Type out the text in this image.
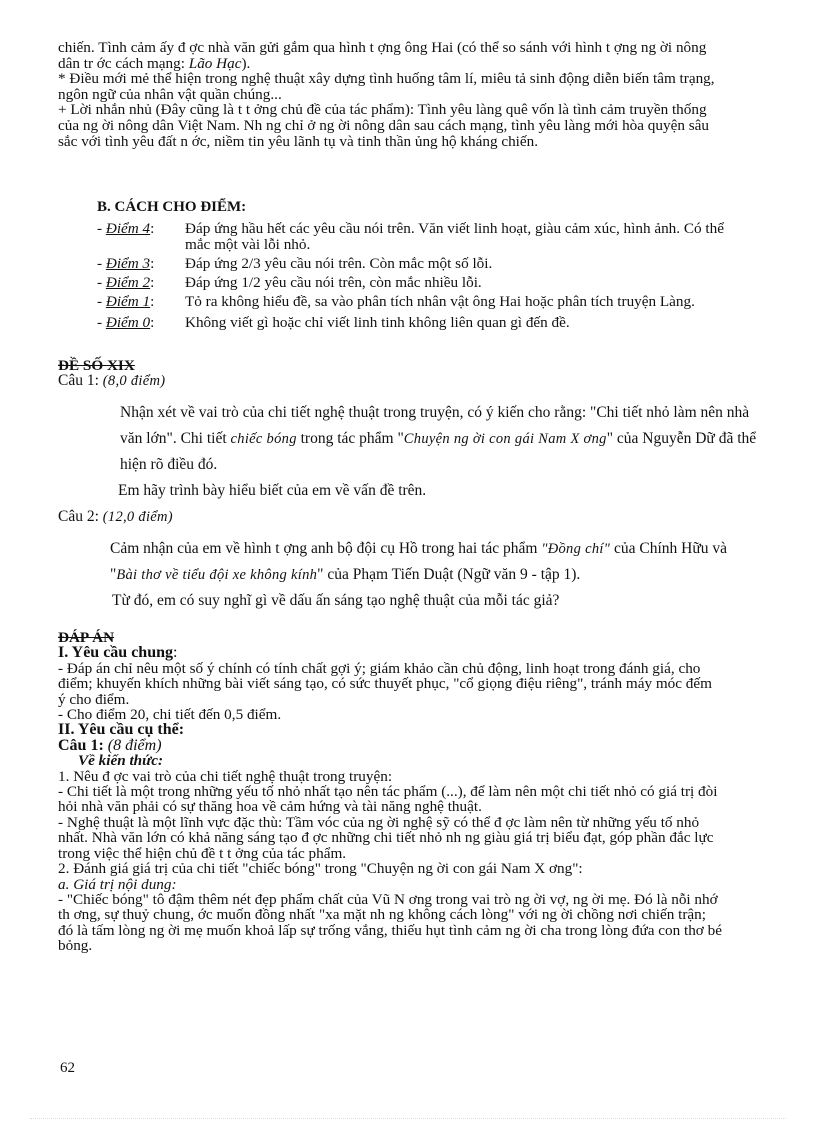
chiến. Tình cảm ấy đ ợc nhà văn gửi gắm qua hình t ợng ông Hai (có thể so sánh với hình t ợng ng ời nông dân tr ớc cách mạng: Lão Hạc).

* Điều mới mẻ thể hiện trong nghệ thuật xây dựng tình huống tâm lí, miêu tả sinh động diễn biến tâm trạng, ngôn ngữ của nhân vật quần chúng...

+ Lời nhắn nhủ (Đây cũng là t t ởng chủ đề của tác phẩm): Tình yêu làng quê vốn là tình cảm truyền thống của ng ời nông dân Việt Nam. Nh ng chỉ ở ng ời nông dân sau cách mạng, tình yêu làng mới hòa quyện sâu sắc với tình yêu đất n ớc, niềm tin yêu lãnh tụ và tinh thần ủng hộ kháng chiến.

B. CÁCH CHO ĐIỂM:

- Điểm 4:	Đáp ứng hầu hết các yêu cầu nói trên. Văn viết linh hoạt, giàu cảm xúc, hình ảnh. Có thể mắc một vài lỗi nhỏ.
- Điểm 3:	Đáp ứng 2/3 yêu cầu nói trên. Còn mắc một số lỗi.
- Điểm 2:	Đáp ứng 1/2 yêu cầu nói trên, còn mắc nhiều lỗi.
- Điểm 1:	Tỏ ra không hiểu đề, sa vào phân tích nhân vật ông Hai hoặc phân tích truyện Làng.
- Điểm 0:	Không viết gì hoặc chỉ viết linh tinh không liên quan gì đến đề.

ĐỀ SỐ XIX

Câu 1: (8,0 điểm)

Nhận xét về vai trò của chi tiết nghệ thuật trong truyện, có ý kiến cho rằng: "Chi tiết nhỏ làm nên nhà văn lớn". Chi tiết chiếc bóng trong tác phẩm "Chuyện ng ời con gái Nam X ơng" của Nguyễn Dữ đã thể hiện rõ điều đó.

Em hãy trình bày hiểu biết của em về vấn đề trên.

Câu 2: (12,0 điểm)

Cảm nhận của em về hình t ợng anh bộ đội cụ Hồ trong hai tác phẩm "Đồng chí" của Chính Hữu và "Bài thơ về tiểu đội xe không kính" của Phạm Tiến Duật (Ngữ văn 9 - tập 1).

Từ đó, em có suy nghĩ gì về dấu ấn sáng tạo nghệ thuật của mỗi tác giả?

ĐÁP ÁN

I. Yêu cầu chung:

- Đáp án chỉ nêu một số ý chính có tính chất gợi ý; giám khảo cần chủ động, linh hoạt trong đánh giá, cho điểm; khuyến khích những bài viết sáng tạo, có sức thuyết phục, "cổ giọng điệu riêng", tránh máy móc đếm ý cho điểm.

- Cho điểm 20, chi tiết đến 0,5 điểm.

II. Yêu cầu cụ thể:

Câu 1: (8 điểm)

Về kiến thức:

1. Nêu đ ợc vai trò của chi tiết nghệ thuật trong truyện:

- Chi tiết là một trong những yếu tố nhỏ nhất tạo nên tác phẩm (...), để làm nên một chi tiết nhỏ có giá trị đòi hỏi nhà văn phải có sự thăng hoa về cảm hứng và tài năng nghệ thuật.

- Nghệ thuật là một lĩnh vực đặc thù: Tầm vóc của ng ời nghệ sỹ có thể đ ợc làm nên từ những yếu tố nhỏ nhất. Nhà văn lớn có khả năng sáng tạo đ ợc những chi tiết nhỏ nh ng giàu giá trị biểu đạt, góp phần đắc lực trong việc thể hiện chủ đề t t ởng của tác phẩm.

2. Đánh giá giá trị của chi tiết "chiếc bóng" trong "Chuyện ng ời con gái Nam X ơng":

a. Giá trị nội dung:

- "Chiếc bóng" tô đậm thêm nét đẹp phẩm chất của Vũ N ơng trong vai trò ng ời vợ, ng ời mẹ. Đó là nỗi nhớ th ơng, sự thuỷ chung, ớc muốn đồng nhất "xa mặt nh ng không cách lòng" với ng ời chồng nơi chiến trận; đó là tấm lòng ng ời mẹ muốn khoả lấp sự trống vắng, thiếu hụt tình cảm ng ời cha trong lòng đứa con thơ bé bỏng.

62
